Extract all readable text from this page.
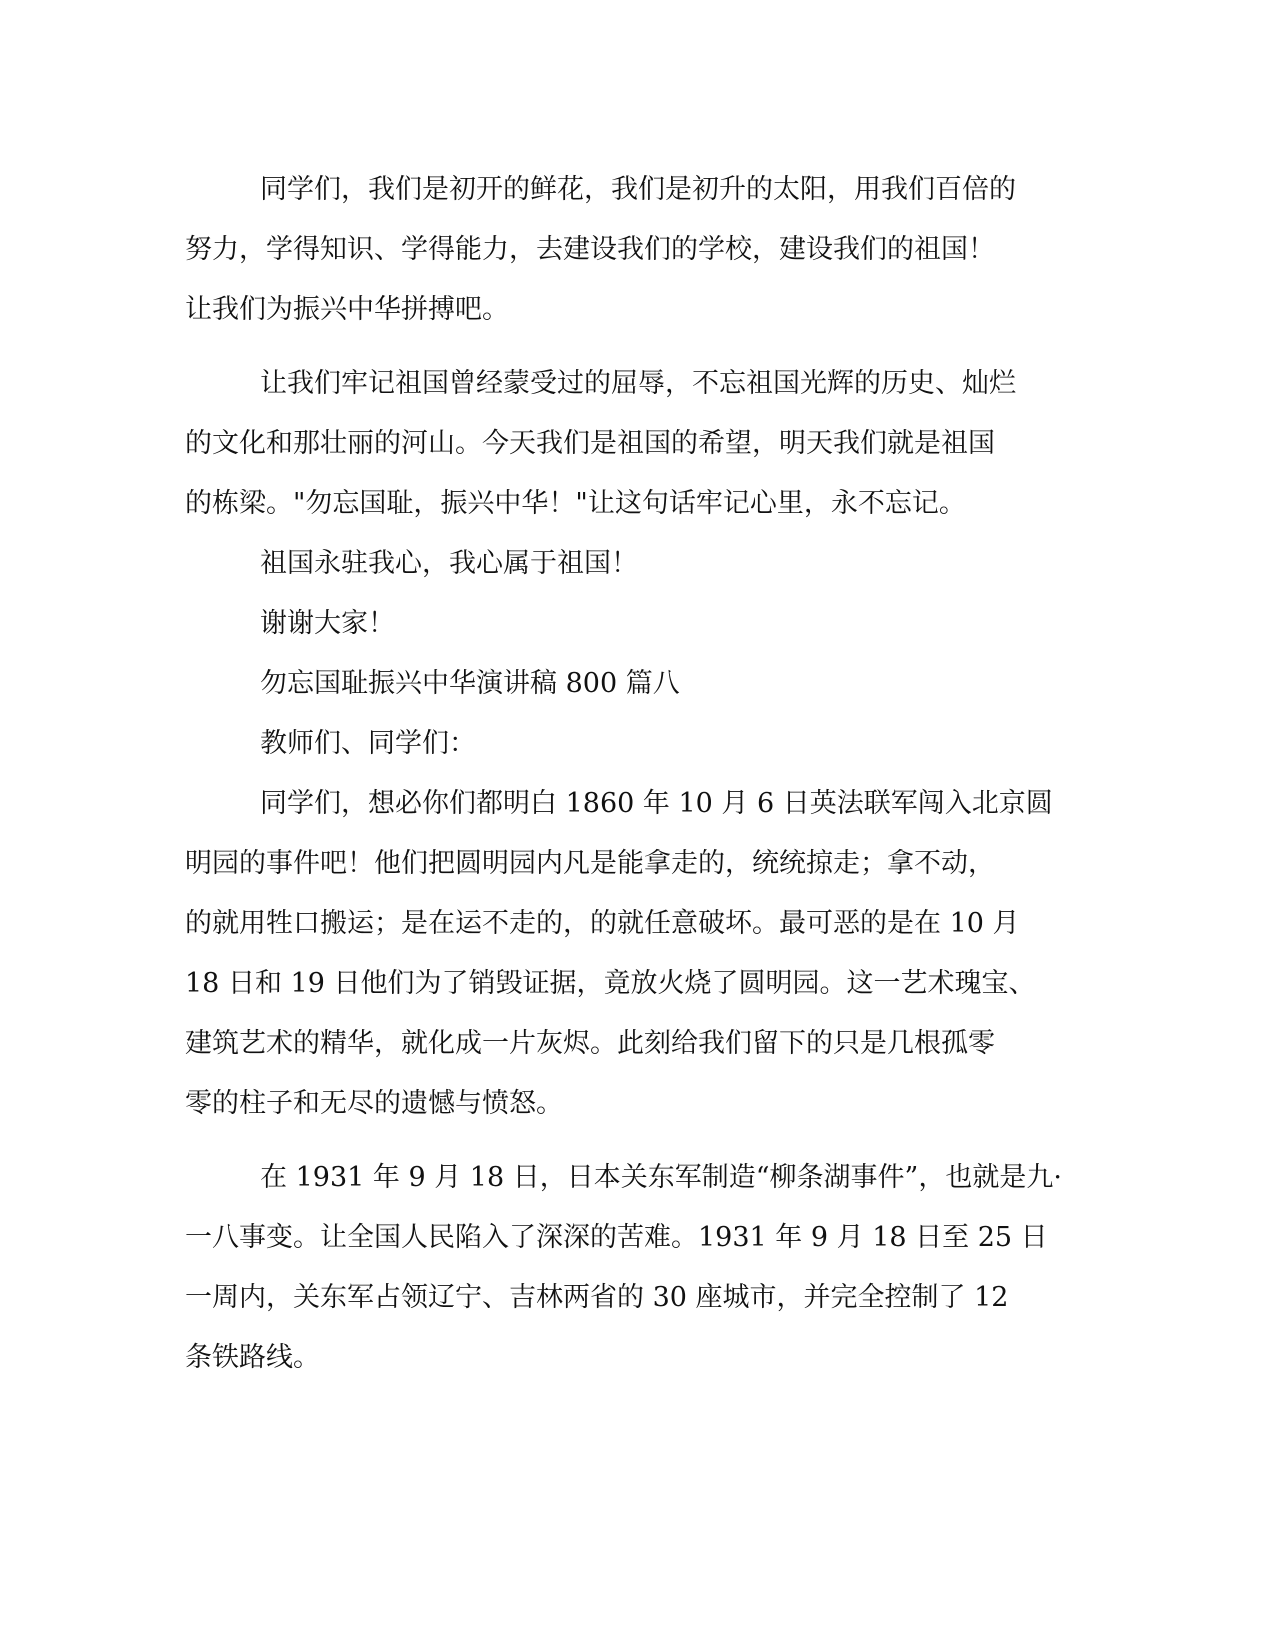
同学们，我们是初开的鲜花，我们是初升的太阳，用我们百倍的
努力，学得知识、学得能力，去建设我们的学校，建设我们的祖国！
让我们为振兴中华拼搏吧。
让我们牢记祖国曾经蒙受过的屈辱，不忘祖国光辉的历史、灿烂
的文化和那壮丽的河山。今天我们是祖国的希望，明天我们就是祖国
的栋梁。"勿忘国耻，振兴中华！"让这句话牢记心里，永不忘记。
祖国永驻我心，我心属于祖国！
谢谢大家！
勿忘国耻振兴中华演讲稿 800 篇八
教师们、同学们：
同学们，想必你们都明白 1860 年 10 月 6 日英法联军闯入北京圆
明园的事件吧！他们把圆明园内凡是能拿走的，统统掠走；拿不动，
的就用牲口搬运；是在运不走的，的就任意破坏。最可恶的是在 10 月
18 日和 19 日他们为了销毁证据，竟放火烧了圆明园。这一艺术瑰宝、
建筑艺术的精华，就化成一片灰烬。此刻给我们留下的只是几根孤零
零的柱子和无尽的遗憾与愤怒。
在 1931 年 9 月 18 日，日本关东军制造“柳条湖事件”，也就是九·
一八事变。让全国人民陷入了深深的苦难。1931 年 9 月 18 日至 25 日
一周内，关东军占领辽宁、吉林两省的 30 座城市，并完全控制了 12
条铁路线。
